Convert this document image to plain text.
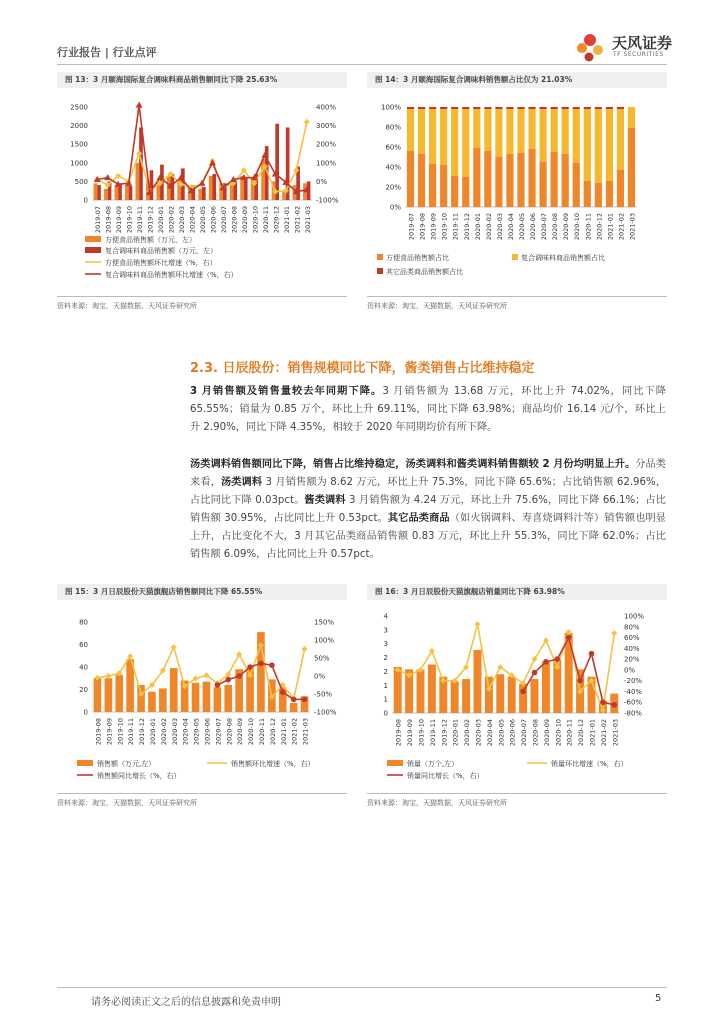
行业报告 | 行业点评
天风证券
TF SECURITIES
图 13：3 月颐海国际复合调味料商品销售额同比下降 25.63%
0
500
1000
1500
2000
2500
-100%
0%
100%
200%
300%
400%
2019-07 2019-08 2019-09 2019-10 2019-11 2019-12 2020-01 2020-02 2020-03 2020-04 2020-05 2020-06 2020-07 2020-08 2020-09 2020-10 2020-11 2020-12 2021-01 2021-02 2021-03
方便食品销售额（万元，左）
复合调味料商品销售额（万元，左）
方便食品销售额环比增速（%，右）
复合调味料商品销售额环比增速（%，右）
资料来源：淘宝，天猫数据，天风证券研究所
图 14：3 月颐海国际复合调味料销售额占比仅为 21.03%
0%
20%
40%
60%
80%
100%
2019-07 2019-08 2019-09 2019-10 2019-11 2019-12 2020-01 2020-02 2020-03 2020-04 2020-05 2020-06 2020-07 2020-08 2020-09 2020-10 2020-11 2020-12 2021-01 2021-02 2021-03
方便食品销售额占比	复合调味料商品销售额占比
其它品类商品销售额占比
资料来源：淘宝，天猫数据，天风证券研究所
2.3. 日辰股份：销售规模同比下降，酱类销售占比维持稳定
3 月销售额及销售量较去年同期下降。3 月销售额为 13.68 万元，环比上升 74.02%，同比下降 65.55%；销量为 0.85 万个，环比上升 69.11%，同比下降 63.98%；商品均价 16.14 元/个，环比上升 2.90%，同比下降 4.35%，相较于 2020 年同期均价有所下降。
汤类调料销售额同比下降，销售占比维持稳定，汤类调料和酱类调料销售额较 2 月份均明显上升。分品类来看，汤类调料 3 月销售额为 8.62 万元，环比上升 75.3%，同比下降 65.6%；占比销售额 62.96%，占比同比下降 0.03pct。酱类调料 3 月销售额为 4.24 万元，环比上升 75.6%，同比下降 66.1%；占比销售额 30.95%，占比同比上升 0.53pct。其它品类商品（如火锅调料、寿喜烧调料汁等）销售额也明显上升，占比变化不大，3 月其它品类商品销售额 0.83 万元，环比上升 55.3%，同比下降 62.0%；占比销售额 6.09%，占比同比上升 0.57pct。
图 15：3 月日辰股份天猫旗舰店销售额同比下降 65.55%
0
20
40
60
80
-100%
-50%
0%
50%
100%
150%
2019-08 2019-09 2019-10 2019-11 2019-12 2020-01 2020-02 2020-03 2020-04 2020-05 2020-06 2020-07 2020-08 2020-09 2020-10 2020-11 2020-12 2021-01 2021-02 2021-03
销售额（万元,左）	销售额环比增速（%，右）
销售额同比增长（%，右）
资料来源：淘宝，天猫数据，天风证券研究所
图 16：3 月日辰股份天猫旗舰店销量同比下降 63.98%
0
1
1
2
2
3
3
4
-80%
-60%
-40%
-20%
0%
20%
40%
60%
80%
100%
2019-08 2019-09 2019-10 2019-11 2019-12 2020-01 2020-02 2020-03 2020-04 2020-05 2020-06 2020-07 2020-08 2020-09 2020-10 2020-11 2020-12 2021-01 2021-02 2021-03
销量（万个,左）	销量环比增速（%，右）
销量同比增长（%，右）
资料来源：淘宝，天猫数据，天风证券研究所
请务必阅读正文之后的信息披露和免责申明	5
